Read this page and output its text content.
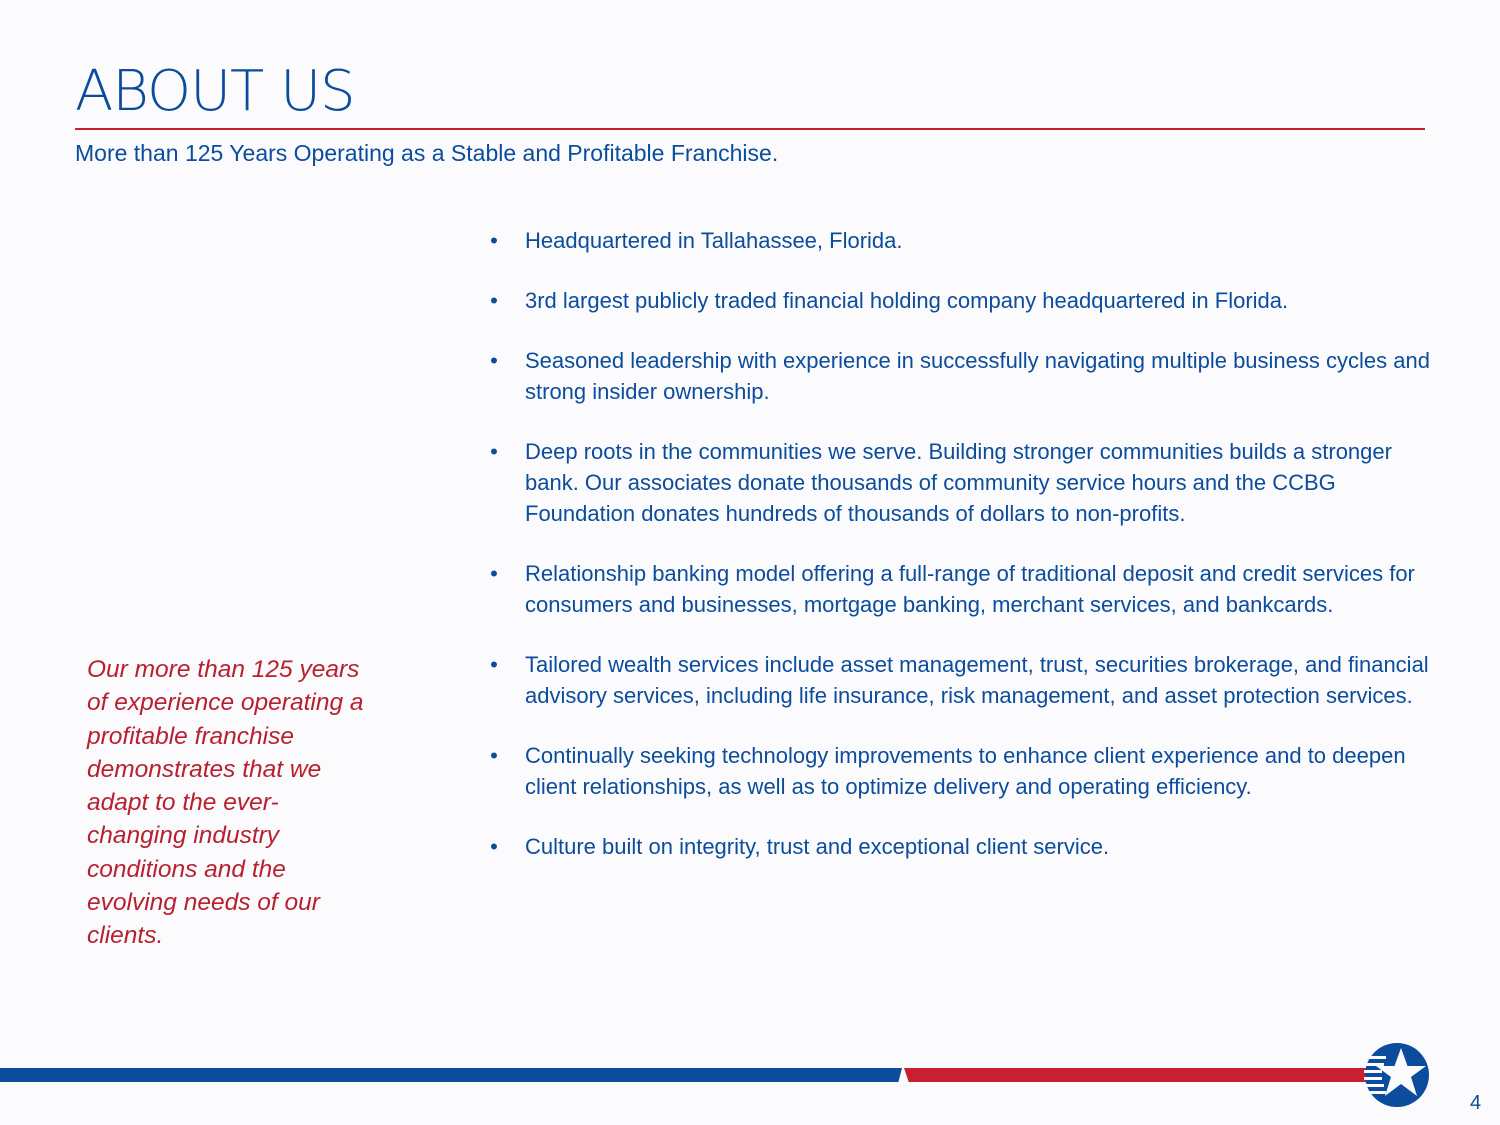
ABOUT US

More than 125 Years Operating as a Stable and Profitable Franchise.

• Headquartered in Tallahassee, Florida.
• 3rd largest publicly traded financial holding company headquartered in Florida.
• Seasoned leadership with experience in successfully navigating multiple business cycles and strong insider ownership.
• Deep roots in the communities we serve. Building stronger communities builds a stronger bank. Our associates donate thousands of community service hours and the CCBG Foundation donates hundreds of thousands of dollars to non-profits.
• Relationship banking model offering a full-range of traditional deposit and credit services for consumers and businesses, mortgage banking, merchant services, and bankcards.
• Tailored wealth services include asset management, trust, securities brokerage, and financial advisory services, including life insurance, risk management, and asset protection services.
• Continually seeking technology improvements to enhance client experience and to deepen client relationships, as well as to optimize delivery and operating efficiency.
• Culture built on integrity, trust and exceptional client service.

Our more than 125 years of experience operating a profitable franchise demonstrates that we adapt to the ever-changing industry conditions and the evolving needs of our clients.

4
